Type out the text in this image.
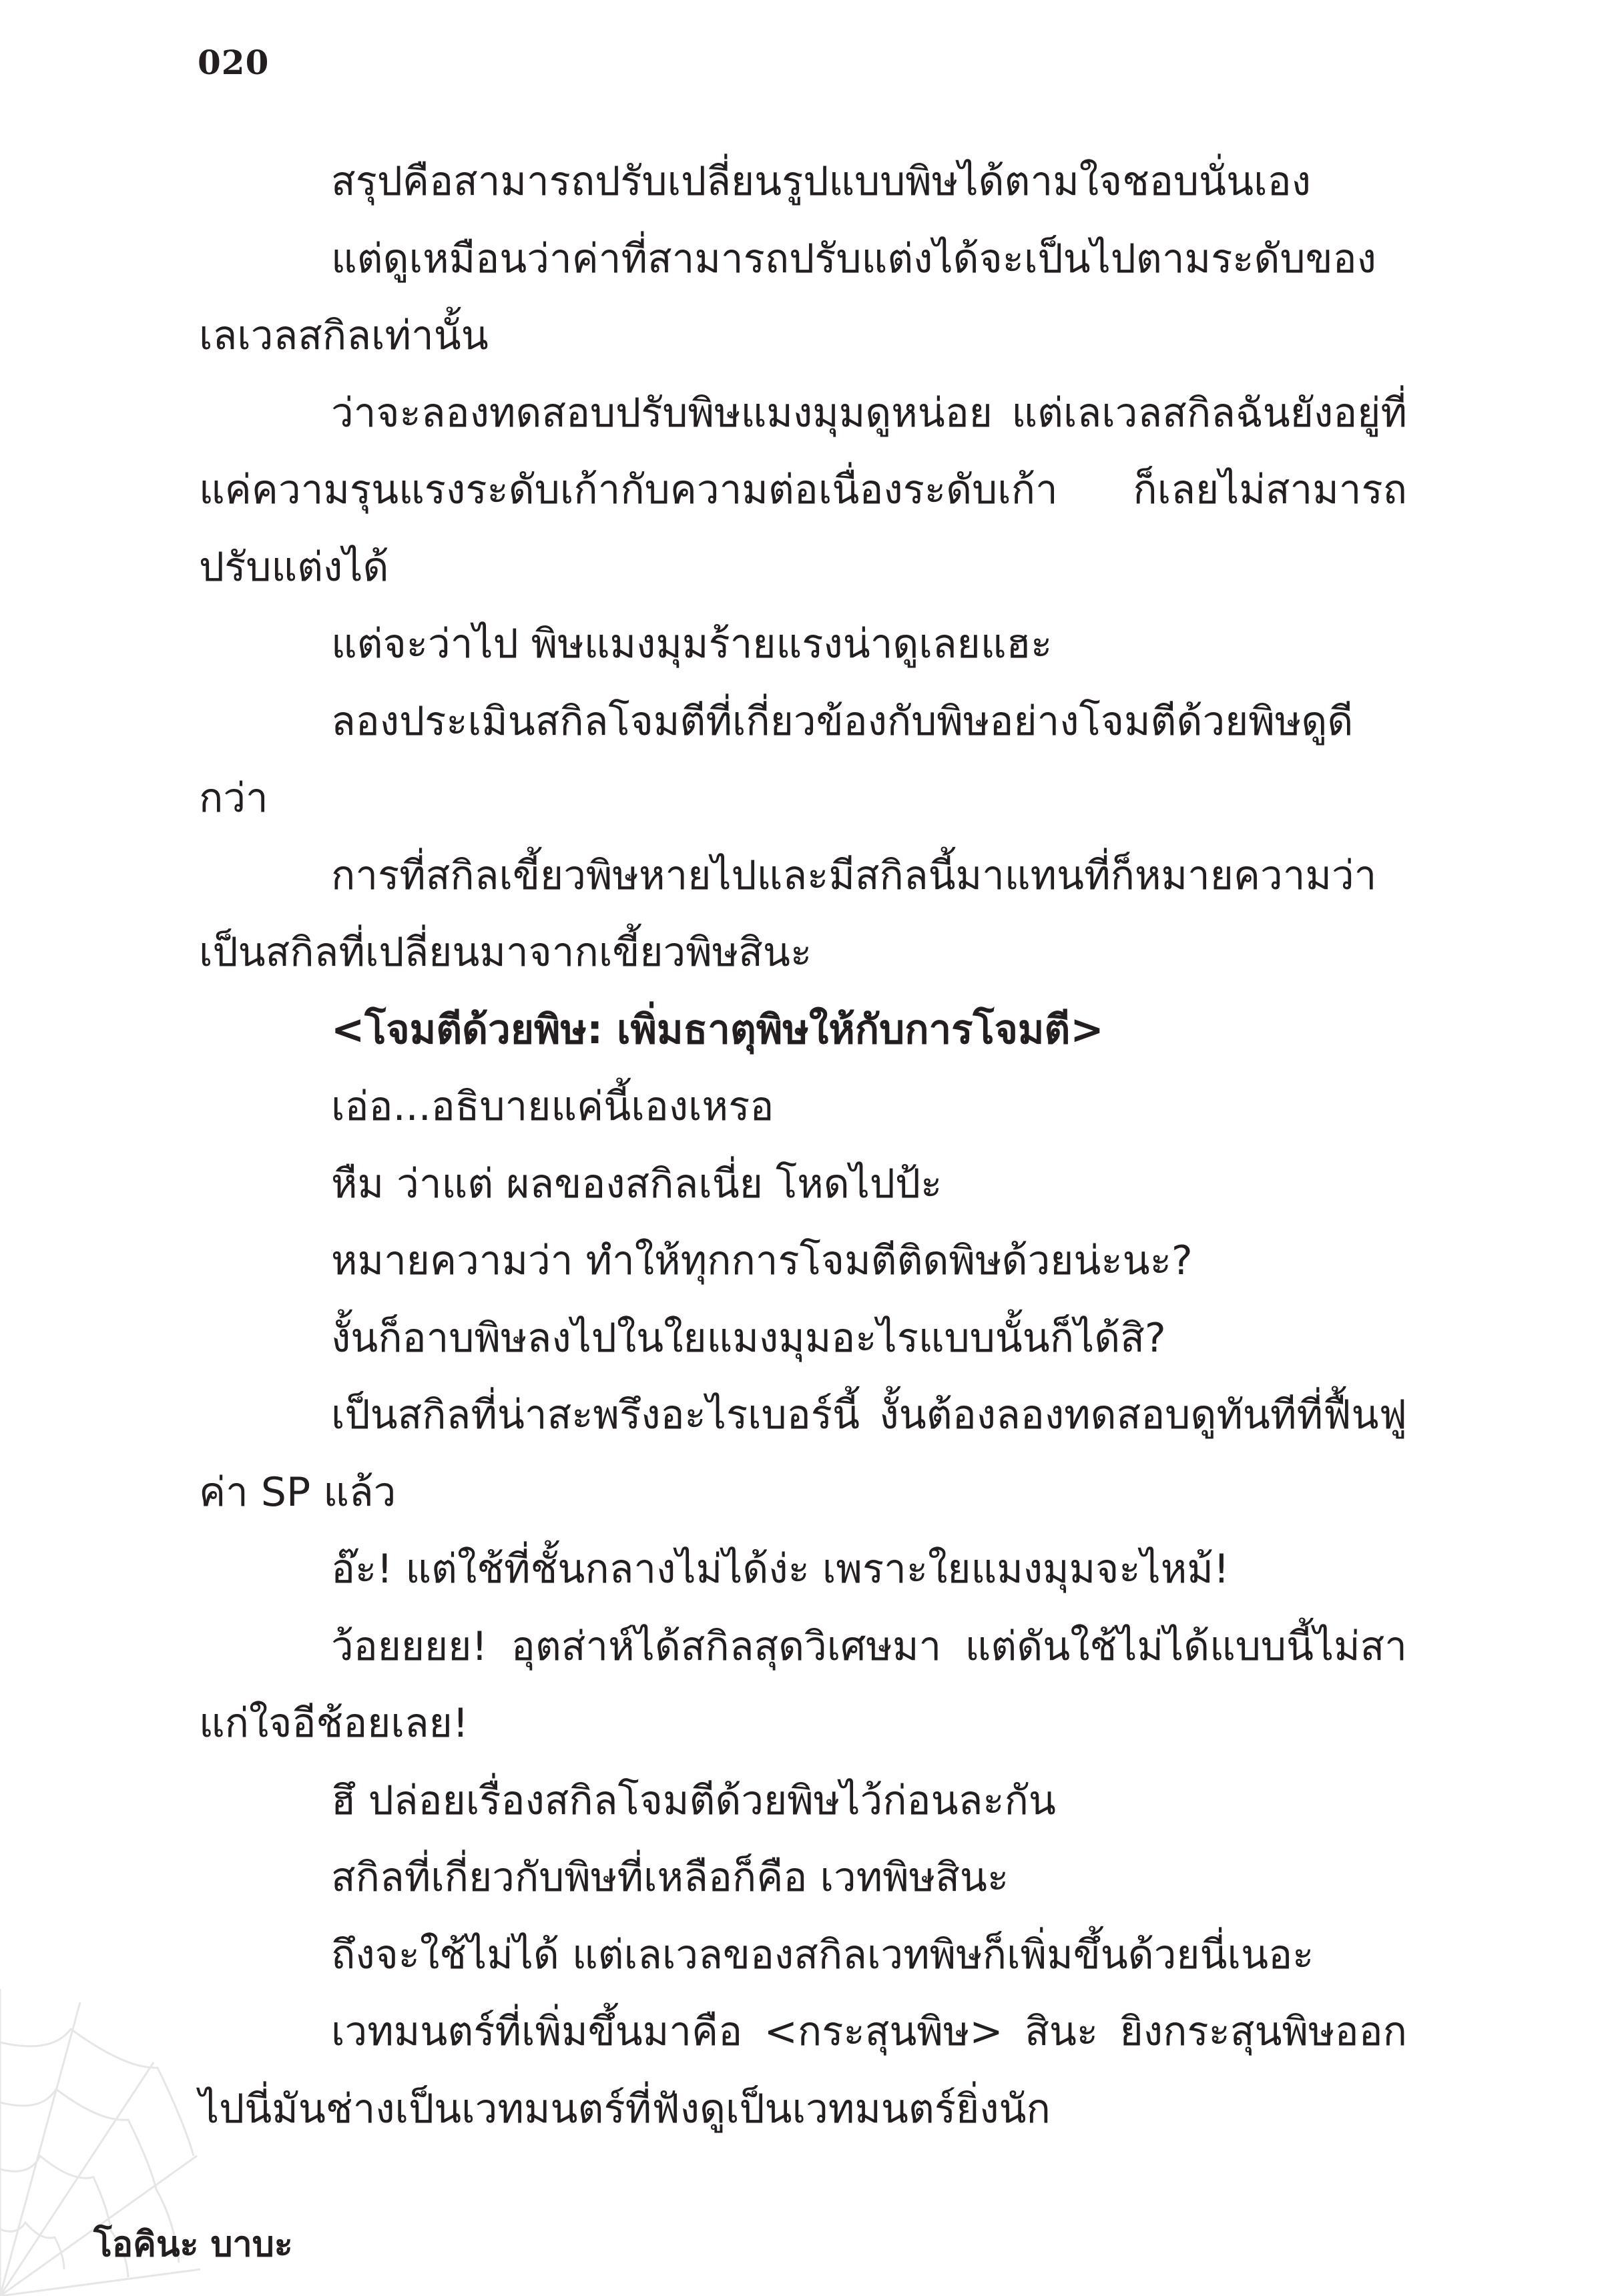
020

สรุปคือสามารถปรับเปลี่ยนรูปแบบพิษได้ตามใจชอบนั่นเอง

แต่ดูเหมือนว่าค่าที่สามารถปรับแต่งได้จะเป็นไปตามระดับของเลเวลสกิลเท่านั้น

ว่าจะลองทดสอบปรับพิษแมงมุมดูหน่อย แต่เลเวลสกิลฉันยังอยู่ที่แค่ความรุนแรงระดับเก้ากับความต่อเนื่องระดับเก้า ก็เลยไม่สามารถปรับแต่งได้

แต่จะว่าไป พิษแมงมุมร้ายแรงน่าดูเลยแฮะ

ลองประเมินสกิลโจมตีที่เกี่ยวข้องกับพิษอย่างโจมตีด้วยพิษดูดีกว่า

การที่สกิลเขี้ยวพิษหายไปและมีสกิลนี้มาแทนที่ก็หมายความว่า เป็นสกิลที่เปลี่ยนมาจากเขี้ยวพิษสินะ

<โจมตีด้วยพิษ: เพิ่มธาตุพิษให้กับการโจมตี>

เอ่อ...อธิบายแค่นี้เองเหรอ

หืม ว่าแต่ ผลของสกิลเนี่ย โหดไปป้ะ

หมายความว่า ทำให้ทุกการโจมตีติดพิษด้วยน่ะนะ?

งั้นก็อาบพิษลงไปในใยแมงมุมอะไรแบบนั้นก็ได้สิ?

เป็นสกิลที่น่าสะพรึงอะไรเบอร์นี้ งั้นต้องลองทดสอบดูทันทีที่ฟื้นฟูค่า SP แล้ว

อ๊ะ! แต่ใช้ที่ชั้นกลางไม่ได้ง่ะ เพราะใยแมงมุมจะไหม้!

ว้อยยยย! อุตส่าห์ได้สกิลสุดวิเศษมา แต่ดันใช้ไม่ได้แบบนี้ไม่สาแก่ใจอีช้อยเลย!

ฮึ ปล่อยเรื่องสกิลโจมตีด้วยพิษไว้ก่อนละกัน

สกิลที่เกี่ยวกับพิษที่เหลือก็คือ เวทพิษสินะ

ถึงจะใช้ไม่ได้ แต่เลเวลของสกิลเวทพิษก็เพิ่มขึ้นด้วยนี่เนอะ

เวทมนตร์ที่เพิ่มขึ้นมาคือ <กระสุนพิษ> สินะ ยิงกระสุนพิษออกไปนี่มันช่างเป็นเวทมนตร์ที่ฟังดูเป็นเวทมนตร์ยิ่งนัก

โอคินะ บาบะ
